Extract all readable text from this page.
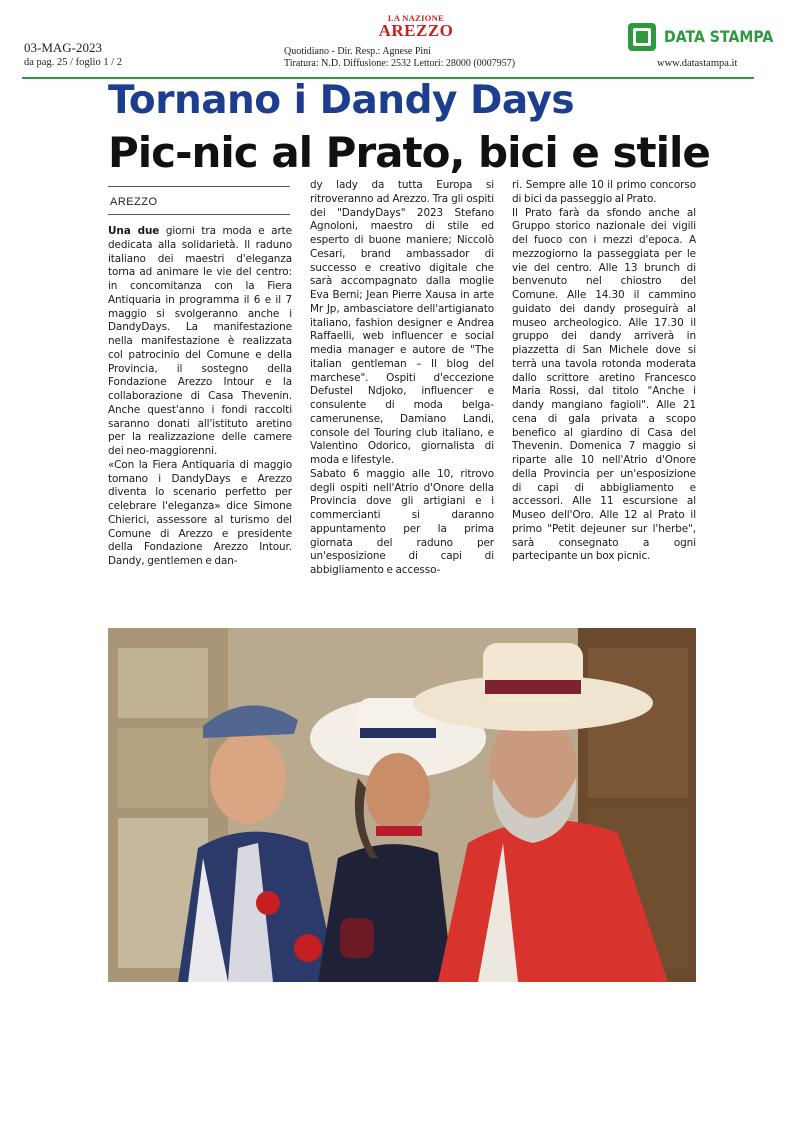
03-MAG-2023
da pag. 25 / foglio 1 / 2
LA NAZIONE
AREZZO
Quotidiano - Dir. Resp.: Agnese Pini
Tiratura: N.D. Diffusione: 2532 Lettori: 28000 (0007957)
DATA STAMPA
www.datastampa.it
Tornano i Dandy Days
Pic-nic al Prato, bici e stile
AREZZO

Una due giorni tra moda e arte dedicata alla solidarietà. Il raduno italiano dei maestri d'eleganza torna ad animare le vie del centro: in concomitanza con la Fiera Antiquaria in programma il 6 e il 7 maggio si svolgeranno anche i DandyDays. La manifestazione nella manifestazione è realizzata col patrocinio del Comune e della Provincia, il sostegno della Fondazione Arezzo Intour e la collaborazione di Casa Thevenin. Anche quest'anno i fondi raccolti saranno donati all'istituto aretino per la realizzazione delle camere dei neo-maggiorenni.

«Con la Fiera Antiquaria di maggio tornano i DandyDays e Arezzo diventa lo scenario perfetto per celebrare l'eleganza» dice Simone Chierici, assessore al turismo del Comune di Arezzo e presidente della Fondazione Arezzo Intour. Dandy, gentlemen e dan-

dy lady da tutta Europa si ritroveranno ad Arezzo. Tra gli ospiti dei "DandyDays" 2023 Stefano Agnoloni, maestro di stile ed esperto di buone maniere; Niccolò Cesari, brand ambassador di successo e creativo digitale che sarà accompagnato dalla moglie Eva Berni; Jean Pierre Xausa in arte Mr Jp, ambasciatore dell'artigianato italiano, fashion designer e Andrea Raffaelli, web influencer e social media manager e autore de "The italian gentleman – Il blog del marchese". Ospiti d'eccezione Defustel Ndjoko, influencer e consulente di moda belga-camerunense, Damiano Landi, console del Touring club italiano, e Valentino Odorico, giornalista di moda e lifestyle.

Sabato 6 maggio alle 10, ritrovo degli ospiti nell'Atrio d'Onore della Provincia dove gli artigiani e i commercianti si daranno appuntamento per la prima giornata del raduno per un'esposizione di capi di abbigliamento e accesso-

ri. Sempre alle 10 il primo concorso di bici da passeggio al Prato.

Il Prato farà da sfondo anche al Gruppo storico nazionale dei vigili del fuoco con i mezzi d'epoca. A mezzogiorno la passeggiata per le vie del centro. Alle 13 brunch di benvenuto nel chiostro del Comune. Alle 14.30 il cammino guidato dei dandy proseguirà al museo archeologico. Alle 17.30 il gruppo dei dandy arriverà in piazzetta di San Michele dove si terrà una tavola rotonda moderata dallo scrittore aretino Francesco Maria Rossi, dal titolo "Anche i dandy mangiano fagioli". Alle 21 cena di gala privata a scopo benefico al giardino di Casa del Thevenin. Domenica 7 maggio si riparte alle 10 nell'Atrio d'Onore della Provincia per un'esposizione di capi di abbigliamento e accessori. Alle 11 escursione al Museo dell'Oro. Alle 12 al Prato il primo "Petit dejeuner sur l'herbe", sarà consegnato a ogni partecipante un box picnic.
